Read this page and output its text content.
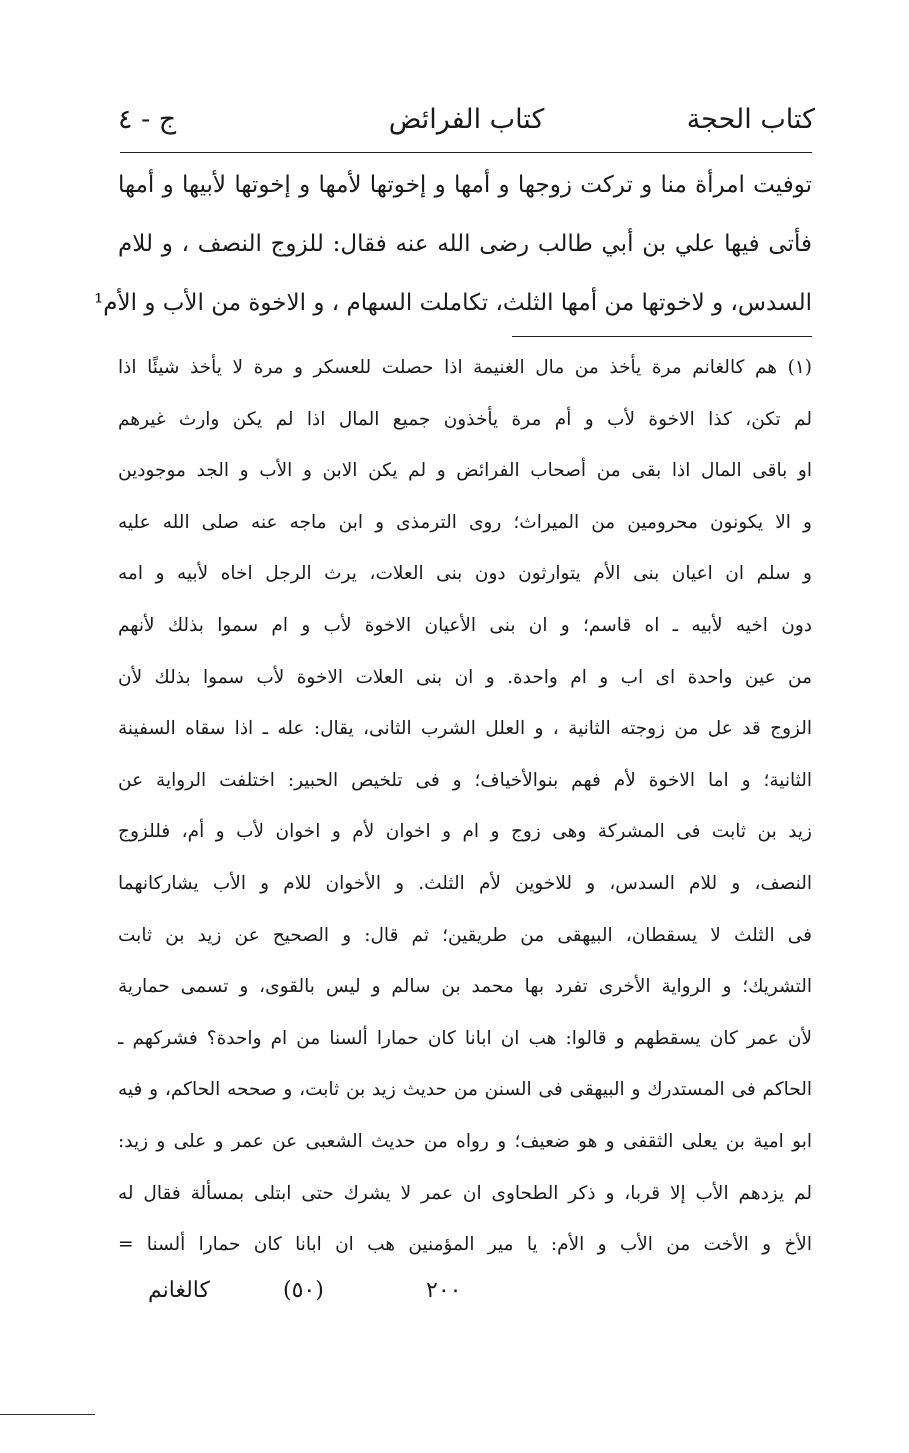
كتاب الحجة
كتاب الفرائض
ج - ٤

توفيت امرأة منا و تركت زوجها و أمها و إخوتها لأمها و إخوتها لأبيها و أمها

فأتى فيها علي بن أبي طالب رضى الله عنه فقال: للزوج النصف ، و للام

السدس، و لاخوتها من أمها الثلث، تكاملت السهام ، و الاخوة من الأب و الأم¹

(١) هم كالغانم مرة يأخذ من مال الغنيمة اذا حصلت للعسكر و مرة لا يأخذ شيئًا اذا

لم تكن، كذا الاخوة لأب و أم مرة يأخذون جميع المال اذا لم يكن وارث غيرهم

او باقى المال اذا بقى من أصحاب الفرائض و لم يكن الابن و الأب و الجد موجودين

و الا يكونون محرومين من الميراث؛ روى الترمذى و ابن ماجه عنه صلى الله عليه

و سلم ان اعيان بنى الأم يتوارثون دون بنى العلات، يرث الرجل اخاه لأبيه و امه

دون اخيه لأبيه ـ اه قاسم؛ و ان بنى الأعيان الاخوة لأب و ام سموا بذلك لأنهم

من عين واحدة اى اب و ام واحدة. و ان بنى العلات الاخوة لأب سموا بذلك لأن

الزوج قد عل من زوجته الثانية ، و العلل الشرب الثانى، يقال: عله ـ اذا سقاه السفينة

الثانية؛ و اما الاخوة لأم فهم بنوالأخياف؛ و فى تلخيص الحبير: اختلفت الرواية عن

زيد بن ثابت فى المشركة وهى زوج و ام و اخوان لأم و اخوان لأب و أم، فللزوج

النصف، و للام السدس، و للاخوين لأم الثلث. و الأخوان للام و الأب يشاركانهما

فى الثلث لا يسقطان، البيهقى من طريقين؛ ثم قال: و الصحيح عن زيد بن ثابت

التشريك؛ و الرواية الأخرى تفرد بها محمد بن سالم و ليس بالقوى، و تسمى حمارية

لأن عمر كان يسقطهم و قالوا: هب ان ابانا كان حمارا ألسنا من ام واحدة؟ فشركهم ـ

الحاكم فى المستدرك و البيهقى فى السنن من حديث زيد بن ثابت، و صححه الحاكم، و فيه

ابو امية بن يعلى الثقفى و هو ضعيف؛ و رواه من حديث الشعبى عن عمر و على و زيد:

لم يزدهم الأب إلا قربا، و ذكر الطحاوى ان عمر لا يشرك حتى ابتلى بمسألة فقال له

الأخ و الأخت من الأب و الأم: يا مير المؤمنين هب ان ابانا كان حمارا ألسنا =

٢٠٠
(٥٠)
كالغانم
